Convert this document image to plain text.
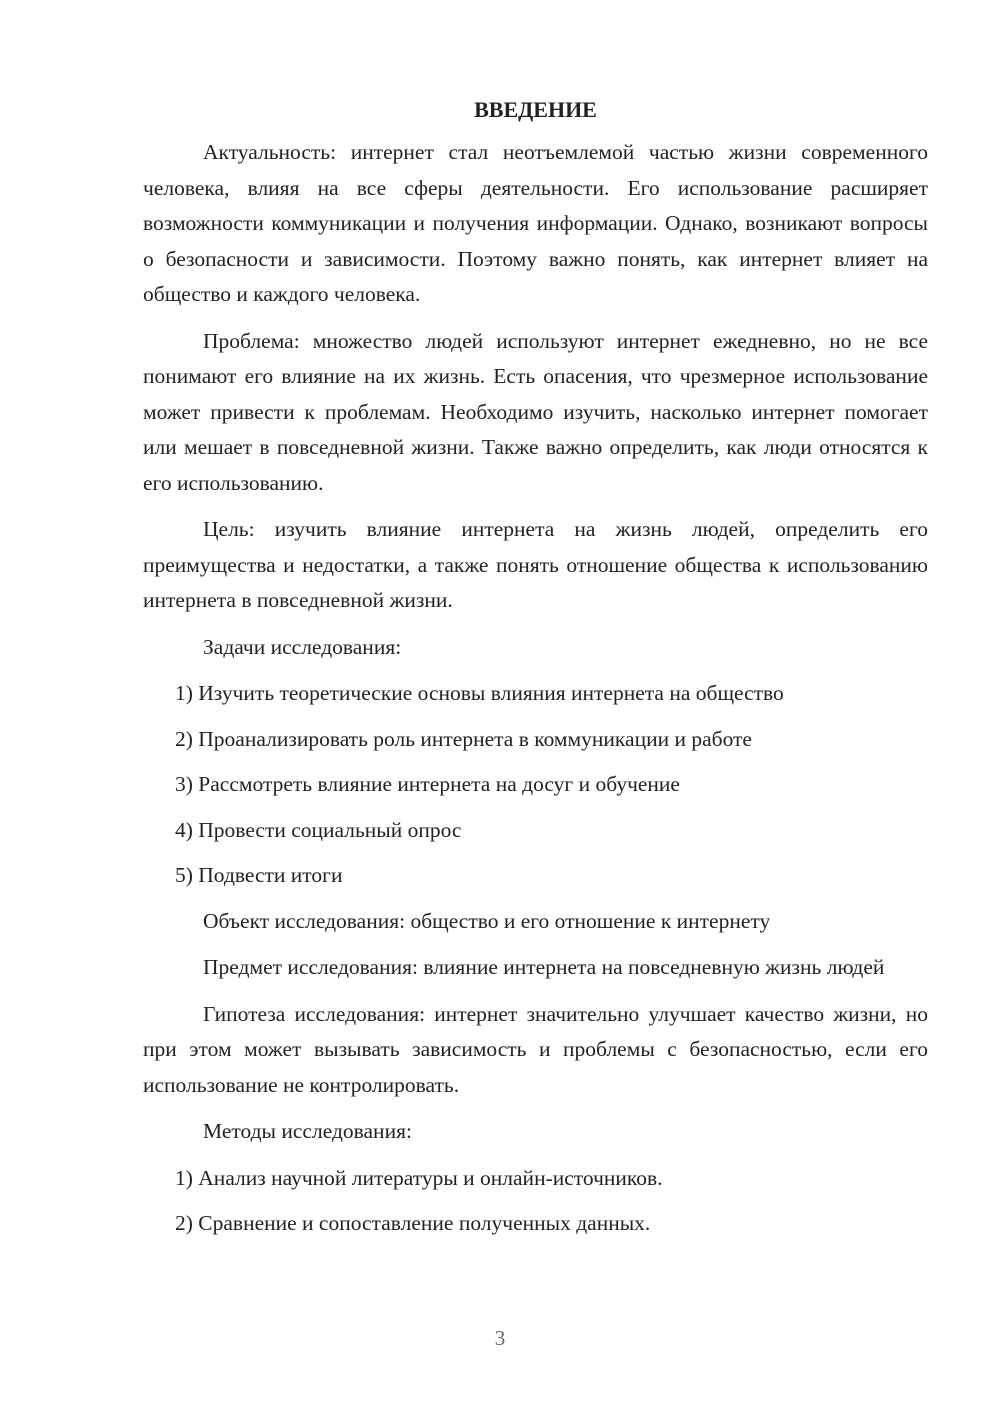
ВВЕДЕНИЕ

Актуальность: интернет стал неотъемлемой частью жизни современного человека, влияя на все сферы деятельности. Его использование расширяет возможности коммуникации и получения информации. Однако, возникают вопросы о безопасности и зависимости. Поэтому важно понять, как интернет влияет на общество и каждого человека.

Проблема: множество людей используют интернет ежедневно, но не все понимают его влияние на их жизнь. Есть опасения, что чрезмерное использование может привести к проблемам. Необходимо изучить, насколько интернет помогает или мешает в повседневной жизни. Также важно определить, как люди относятся к его использованию.

Цель: изучить влияние интернета на жизнь людей, определить его преимущества и недостатки, а также понять отношение общества к использованию интернета в повседневной жизни.

Задачи исследования:

1) Изучить теоретические основы влияния интернета на общество
2) Проанализировать роль интернета в коммуникации и работе
3) Рассмотреть влияние интернета на досуг и обучение
4) Провести социальный опрос
5) Подвести итоги

Объект исследования: общество и его отношение к интернету

Предмет исследования: влияние интернета на повседневную жизнь людей

Гипотеза исследования: интернет значительно улучшает качество жизни, но при этом может вызывать зависимость и проблемы с безопасностью, если его использование не контролировать.

Методы исследования:

1) Анализ научной литературы и онлайн-источников.
2) Сравнение и сопоставление полученных данных.
3
